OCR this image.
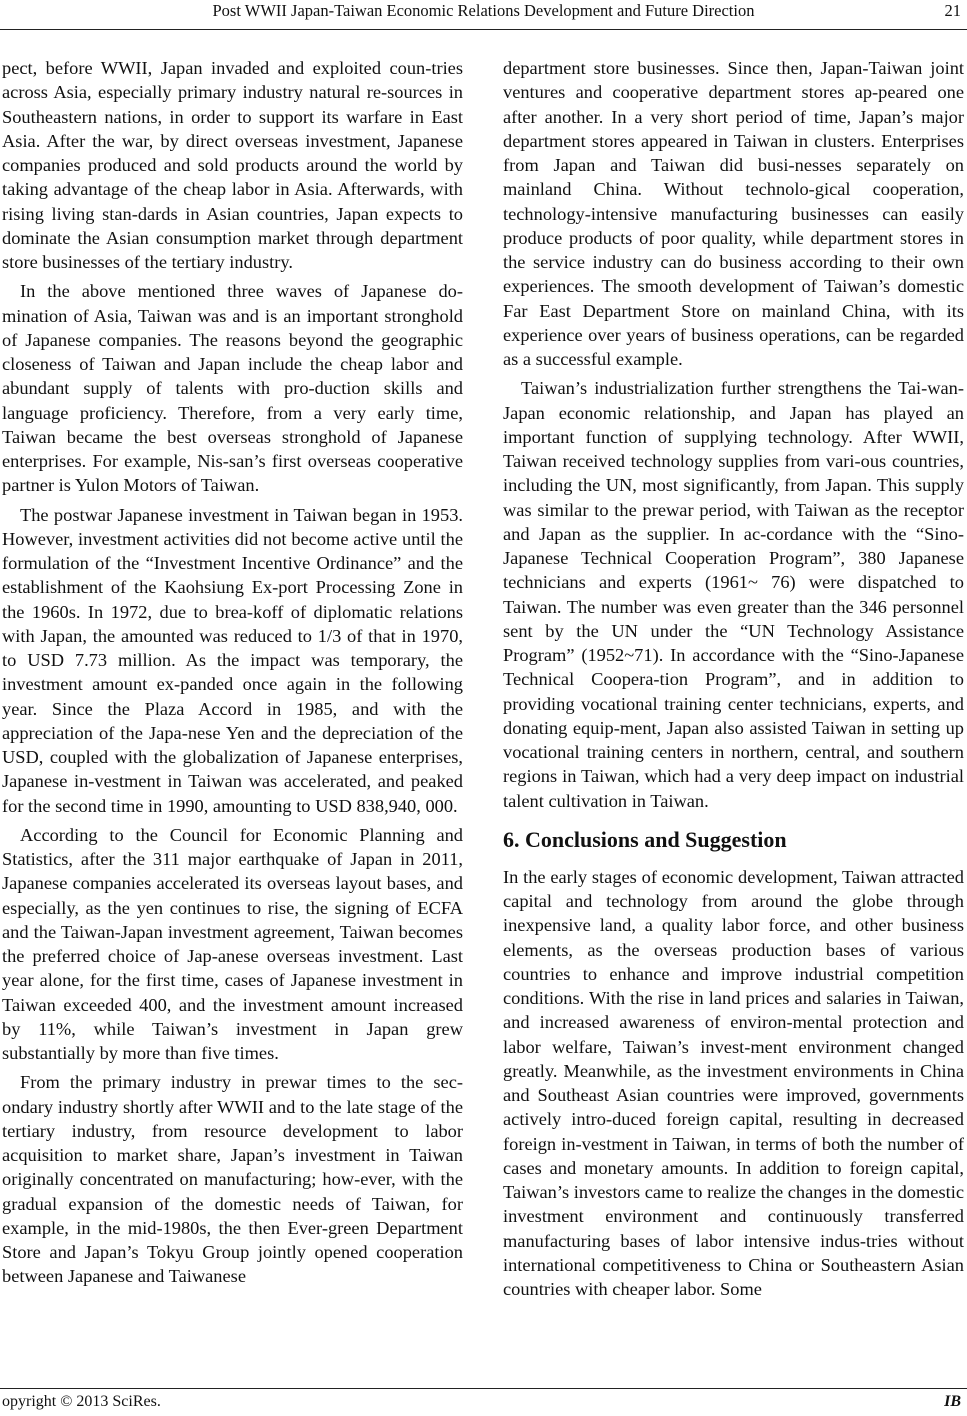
Post WWII Japan-Taiwan Economic Relations Development and Future Direction	21

pect, before WWII, Japan invaded and exploited coun-tries across Asia, especially primary industry natural re-sources in Southeastern nations, in order to support its warfare in East Asia. After the war, by direct overseas investment, Japanese companies produced and sold products around the world by taking advantage of the cheap labor in Asia. Afterwards, with rising living stan-dards in Asian countries, Japan expects to dominate the Asian consumption market through department store businesses of the tertiary industry.

In the above mentioned three waves of Japanese do-mination of Asia, Taiwan was and is an important stronghold of Japanese companies. The reasons beyond the geographic closeness of Taiwan and Japan include the cheap labor and abundant supply of talents with pro-duction skills and language proficiency. Therefore, from a very early time, Taiwan became the best overseas stronghold of Japanese enterprises. For example, Nis-san’s first overseas cooperative partner is Yulon Motors of Taiwan.

The postwar Japanese investment in Taiwan began in 1953. However, investment activities did not become active until the formulation of the “Investment Incentive Ordinance” and the establishment of the Kaohsiung Ex-port Processing Zone in the 1960s. In 1972, due to brea-koff of diplomatic relations with Japan, the amounted was reduced to 1/3 of that in 1970, to USD 7.73 million. As the impact was temporary, the investment amount ex-panded once again in the following year. Since the Plaza Accord in 1985, and with the appreciation of the Japa-nese Yen and the depreciation of the USD, coupled with the globalization of Japanese enterprises, Japanese in-vestment in Taiwan was accelerated, and peaked for the second time in 1990, amounting to USD 838,940, 000.

According to the Council for Economic Planning and Statistics, after the 311 major earthquake of Japan in 2011, Japanese companies accelerated its overseas layout bases, and especially, as the yen continues to rise, the signing of ECFA and the Taiwan-Japan investment agreement, Taiwan becomes the preferred choice of Jap-anese overseas investment. Last year alone, for the first time, cases of Japanese investment in Taiwan exceeded 400, and the investment amount increased by 11%, while Taiwan’s investment in Japan grew substantially by more than five times.

From the primary industry in prewar times to the sec-ondary industry shortly after WWII and to the late stage of the tertiary industry, from resource development to labor acquisition to market share, Japan’s investment in Taiwan originally concentrated on manufacturing; how-ever, with the gradual expansion of the domestic needs of Taiwan, for example, in the mid-1980s, the then Ever-green Department Store and Japan’s Tokyu Group jointly opened cooperation between Japanese and Taiwanese

department store businesses. Since then, Japan-Taiwan joint ventures and cooperative department stores ap-peared one after another. In a very short period of time, Japan’s major department stores appeared in Taiwan in clusters. Enterprises from Japan and Taiwan did busi-nesses separately on mainland China. Without technolo-gical cooperation, technology-intensive manufacturing businesses can easily produce products of poor quality, while department stores in the service industry can do business according to their own experiences. The smooth development of Taiwan’s domestic Far East Department Store on mainland China, with its experience over years of business operations, can be regarded as a successful example.

Taiwan’s industrialization further strengthens the Tai-wan-Japan economic relationship, and Japan has played an important function of supplying technology. After WWII, Taiwan received technology supplies from vari-ous countries, including the UN, most significantly, from Japan. This supply was similar to the prewar period, with Taiwan as the receptor and Japan as the supplier. In ac-cordance with the “Sino-Japanese Technical Cooperation Program”, 380 Japanese technicians and experts (1961~ 76) were dispatched to Taiwan. The number was even greater than the 346 personnel sent by the UN under the “UN Technology Assistance Program” (1952~71). In accordance with the “Sino-Japanese Technical Coopera-tion Program”, and in addition to providing vocational training center technicians, experts, and donating equip-ment, Japan also assisted Taiwan in setting up vocational training centers in northern, central, and southern regions in Taiwan, which had a very deep impact on industrial talent cultivation in Taiwan.

6. Conclusions and Suggestion

In the early stages of economic development, Taiwan attracted capital and technology from around the globe through inexpensive land, a quality labor force, and other business elements, as the overseas production bases of various countries to enhance and improve industrial competition conditions. With the rise in land prices and salaries in Taiwan, and increased awareness of environ-mental protection and labor welfare, Taiwan’s invest-ment environment changed greatly. Meanwhile, as the investment environments in China and Southeast Asian countries were improved, governments actively intro-duced foreign capital, resulting in decreased foreign in-vestment in Taiwan, in terms of both the number of cases and monetary amounts. In addition to foreign capital, Taiwan’s investors came to realize the changes in the domestic investment environment and continuously transferred manufacturing bases of labor intensive indus-tries without international competitiveness to China or Southeastern Asian countries with cheaper labor. Some

opyright © 2013 SciRes.	IB
